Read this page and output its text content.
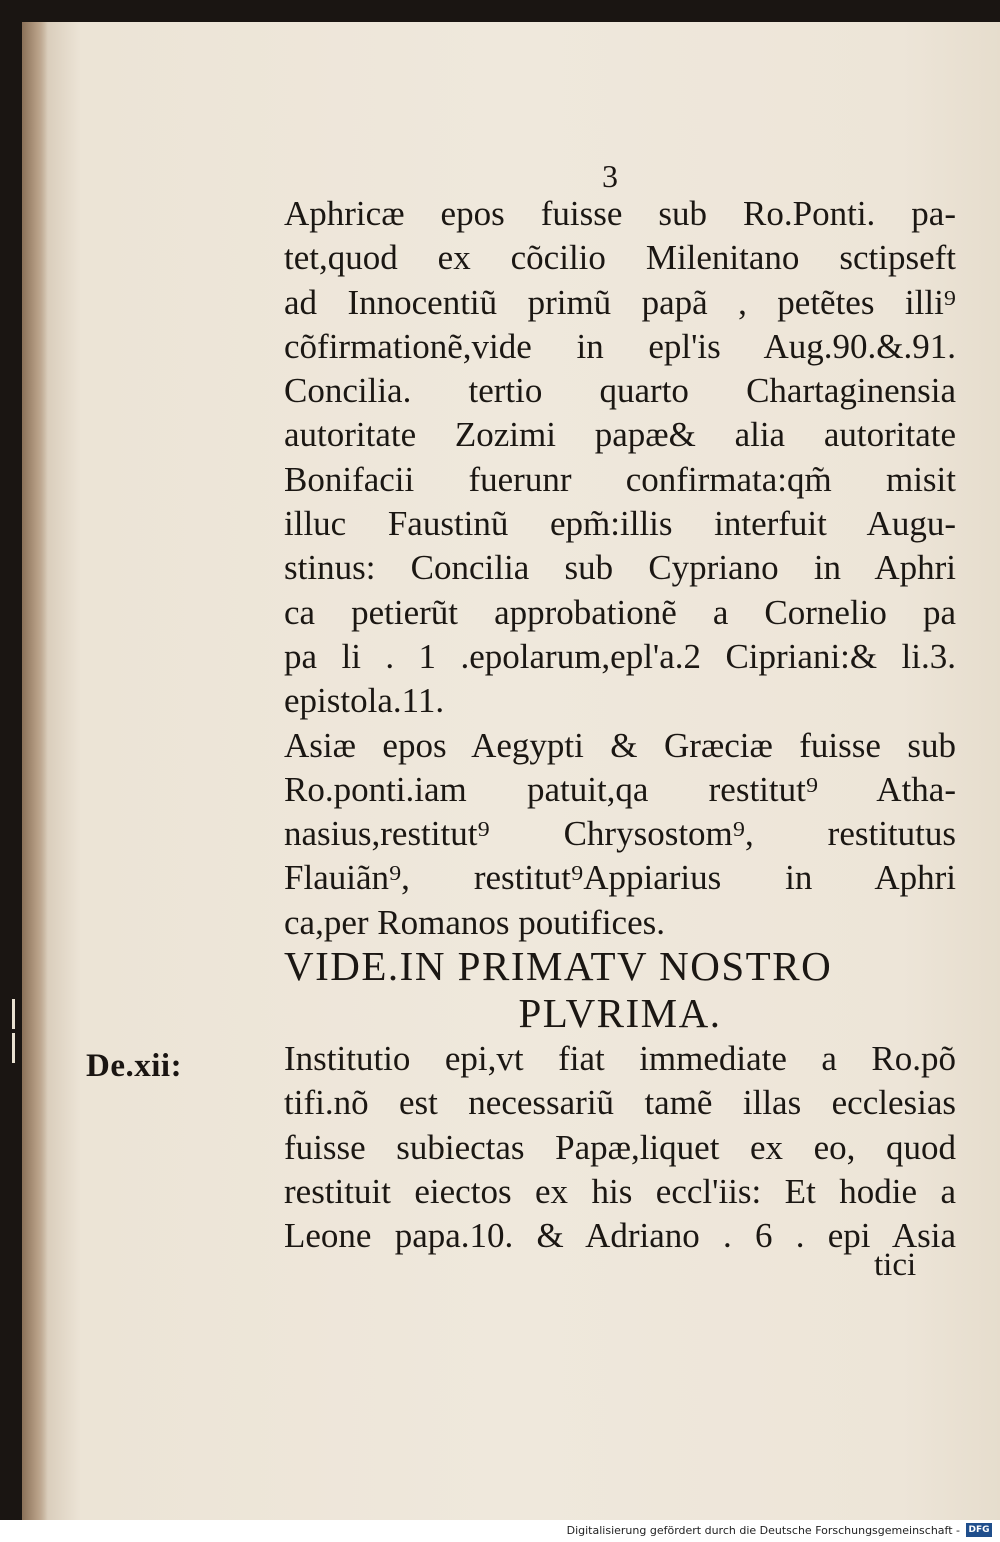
3
De.xii:
Aphricæ epos fuisse sub Ro.Ponti. pa-
tet,quod ex cõcilio Milenitano sctipseft
ad Innocentiũ primũ papã , petẽtes illi⁹
cõfirmationẽ,vide in epl'is Aug.90.&.91.
Concilia. tertio quarto Chartaginensia
autoritate Zozimi papæ& alia autoritate
Bonifacii fuerunr confirmata:qm̃ misit
illuc Faustinũ epm̃:illis interfuit Augu-
stinus: Concilia sub Cypriano in Aphri
ca petierũt approbationẽ a Cornelio pa
pa li . 1 .epolarum,epl'a.2 Cipriani:& li.3.
epistola.11.
Asiæ epos Aegypti & Græciæ fuisse sub
Ro.ponti.iam patuit,qa restitut⁹ Atha-
nasius,restitut⁹ Chrysostom⁹, restitutus
Flauiãn⁹, restitut⁹Appiarius in Aphri
ca,per Romanos poutifices.
VIDE.IN PRIMATV NOSTRO
PLVRIMA.
Institutio epi,vt fiat immediate a Ro.põ
tifi.nõ est necessariũ tamẽ illas ecclesias
fuisse subiectas Papæ,liquet ex eo, quod
restituit eiectos ex his eccl'iis: Et hodie a
Leone papa.10. & Adriano . 6 . epi Asia
tici
Digitalisierung gefördert durch die Deutsche Forschungsgemeinschaft - DFG
